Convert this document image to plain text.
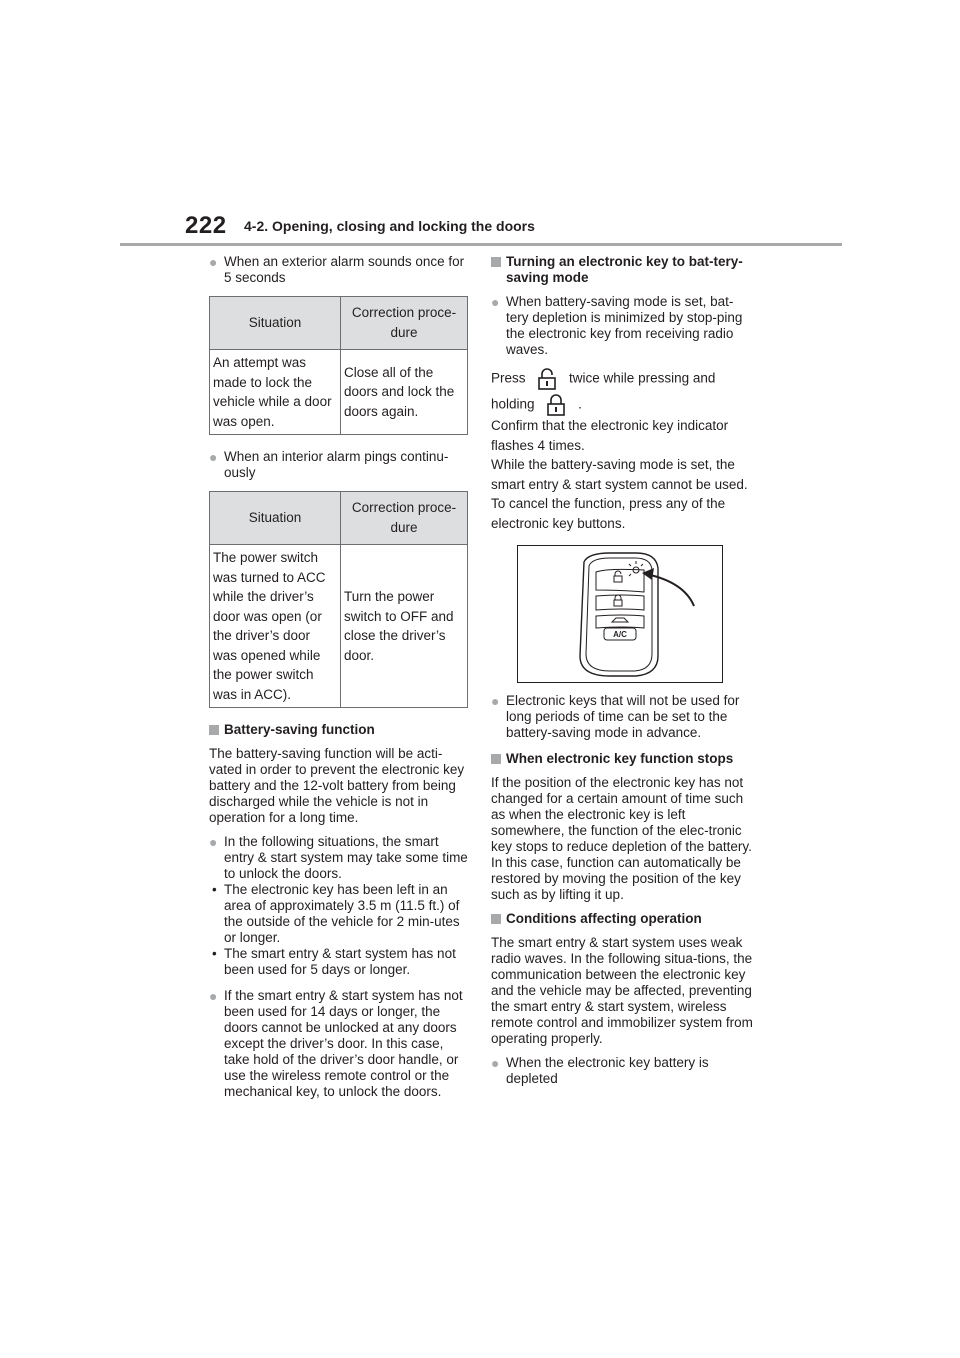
222 4-2. Opening, closing and locking the doors
● When an exterior alarm sounds once for 5 seconds
Situation	Correction proce-dure
An attempt was made to lock the vehicle while a door was open.	Close all of the doors and lock the doors again.
● When an interior alarm pings continu-ously
Situation	Correction proce-dure
The power switch was turned to ACC while the driver’s door was open (or the driver’s door was opened while the power switch was in ACC).	Turn the power switch to OFF and close the driver’s door.
Battery-saving function

The battery-saving function will be acti-vated in order to prevent the electronic key battery and the 12-volt battery from being discharged while the vehicle is not in operation for a long time.

● In the following situations, the smart entry & start system may take some time to unlock the doors.
• The electronic key has been left in an area of approximately 3.5 m (11.5 ft.) of the outside of the vehicle for 2 min-utes or longer.
• The smart entry & start system has not been used for 5 days or longer.
● If the smart entry & start system has not been used for 14 days or longer, the doors cannot be unlocked at any doors except the driver’s door. In this case, take hold of the driver’s door handle, or use the wireless remote control or the mechanical key, to unlock the doors.
Turning an electronic key to bat-tery-saving mode
● When battery-saving mode is set, bat-tery depletion is minimized by stop-ping the electronic key from receiving radio waves.

Press	twice while pressing and

holding	.

Confirm that the electronic key indicator flashes 4 times.

While the battery-saving mode is set, the smart entry & start system cannot be used. To cancel the function, press any of the electronic key buttons.

A/C
● Electronic keys that will not be used for long periods of time can be set to the battery-saving mode in advance.
When electronic key function stops

If the position of the electronic key has not changed for a certain amount of time such as when the electronic key is left somewhere, the function of the elec-tronic key stops to reduce depletion of the battery.

In this case, function can automatically be restored by moving the position of the key such as by lifting it up.

Conditions affecting operation

The smart entry & start system uses weak radio waves. In the following situa-tions, the communication between the electronic key and the vehicle may be affected, preventing the smart entry & start system, wireless remote control and immobilizer system from operating properly.

● When the electronic key battery is depleted
